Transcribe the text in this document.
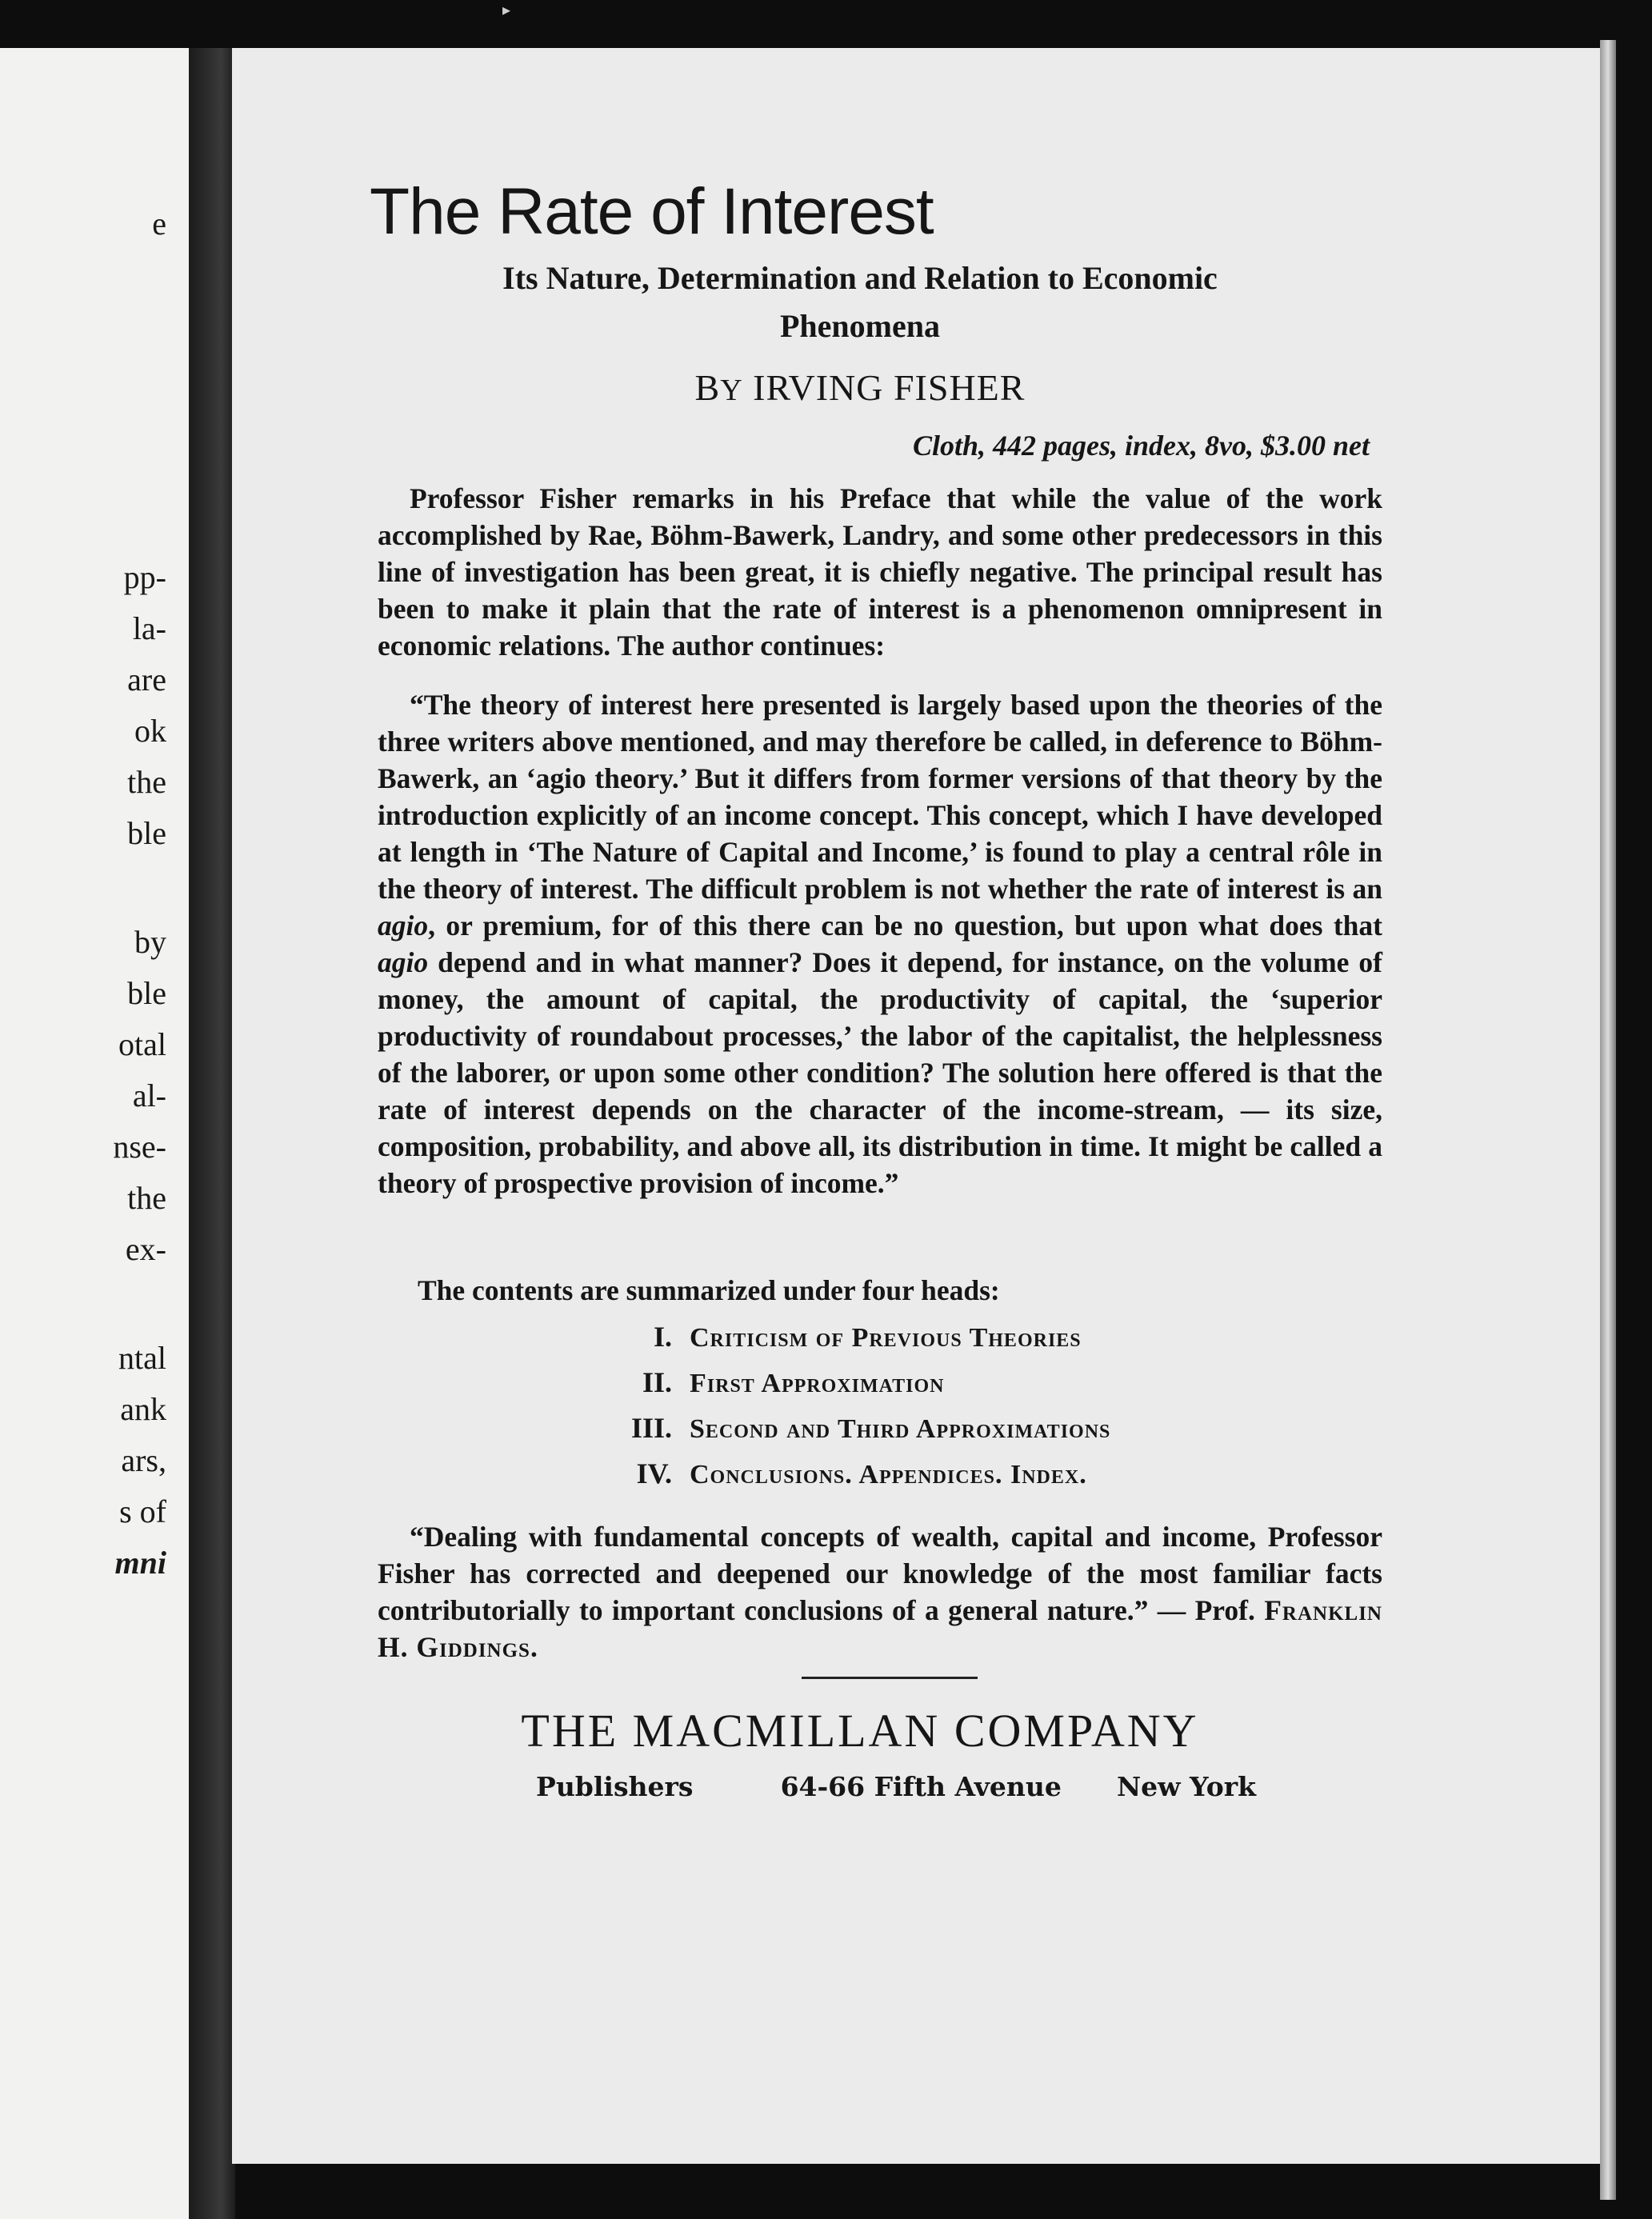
▸
e
pp-
la-
are
ok
the
ble
by
ble
otal
al-
nse-
the
ex-
ntal
ank
ars,
s of
mni
The Rate of Interest
Its Nature, Determination and Relation to Economic
Phenomena
BY IRVING FISHER
Cloth, 442 pages, index, 8vo, $3.00 net
Professor Fisher remarks in his Preface that while the value of the work accomplished by Rae, Böhm-Bawerk, Landry, and some other predecessors in this line of investigation has been great, it is chiefly negative. The principal result has been to make it plain that the rate of interest is a phenomenon omnipresent in economic relations. The author continues:
“The theory of interest here presented is largely based upon the theories of the three writers above mentioned, and may therefore be called, in deference to Böhm-Bawerk, an ‘agio theory.’ But it differs from former versions of that theory by the introduction explicitly of an income concept. This concept, which I have developed at length in ‘The Nature of Capital and Income,’ is found to play a central rôle in the theory of interest. The difficult problem is not whether the rate of interest is an agio, or premium, for of this there can be no question, but upon what does that agio depend and in what manner? Does it depend, for instance, on the volume of money, the amount of capital, the productivity of capital, the ‘superior productivity of roundabout processes,’ the labor of the capitalist, the helplessness of the laborer, or upon some other condition? The solution here offered is that the rate of interest depends on the character of the income-stream, — its size, composition, probability, and above all, its distribution in time. It might be called a theory of prospective provision of income.”
The contents are summarized under four heads:
I. Criticism of Previous Theories
II. First Approximation
III. Second and Third Approximations
IV. Conclusions. Appendices. Index.
“Dealing with fundamental concepts of wealth, capital and income, Professor Fisher has corrected and deepened our knowledge of the most familiar facts contributorially to important conclusions of a general nature.” — Prof. Franklin H. Giddings.
THE MACMILLAN COMPANY
Publishers	64-66 Fifth Avenue New York
